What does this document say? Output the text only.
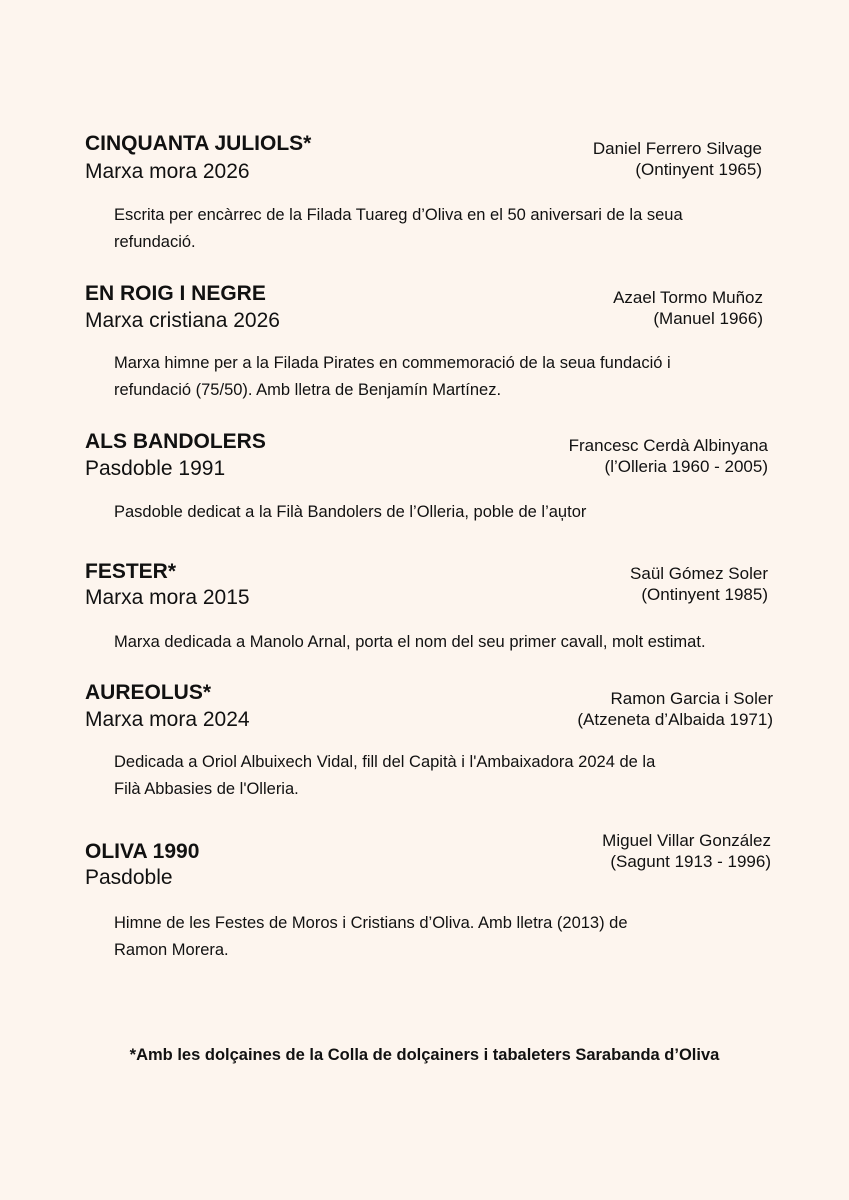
CINQUANTA JULIOLS*
Marxa mora 2026
Daniel Ferrero Silvage
(Ontinyent 1965)
Escrita per encàrrec de la Filada Tuareg d’Oliva en el 50 aniversari de la seua
refundació.
EN ROIG I NEGRE
Marxa cristiana 2026
Azael Tormo Muñoz
(Manuel 1966)
Marxa himne per a la Filada Pirates en commemoració de la seua fundació i
refundació (75/50). Amb lletra de Benjamín Martínez.
ALS BANDOLERS
Pasdoble 1991
Francesc Cerdà Albinyana
(l’Olleria 1960 - 2005)
Pasdoble dedicat a la Filà Bandolers de l’Olleria, poble de l’au̦tor
FESTER*
Marxa mora 2015
Saül Gómez Soler
(Ontinyent 1985)
Marxa dedicada a Manolo Arnal, porta el nom del seu primer cavall, molt estimat.
AUREOLUS*
Marxa mora 2024
Ramon Garcia i Soler
(Atzeneta d’Albaida 1971)
Dedicada a Oriol Albuixech Vidal, fill del Capità i l'Ambaixadora 2024 de la
Filà Abbasies de l'Olleria.
OLIVA 1990
Pasdoble
Miguel Villar González
(Sagunt 1913 - 1996)
Himne de les Festes de Moros i Cristians d’Oliva. Amb lletra (2013) de
Ramon Morera.
*Amb les dolçaines de la Colla de dolçainers i tabaleters Sarabanda d’Oliva
